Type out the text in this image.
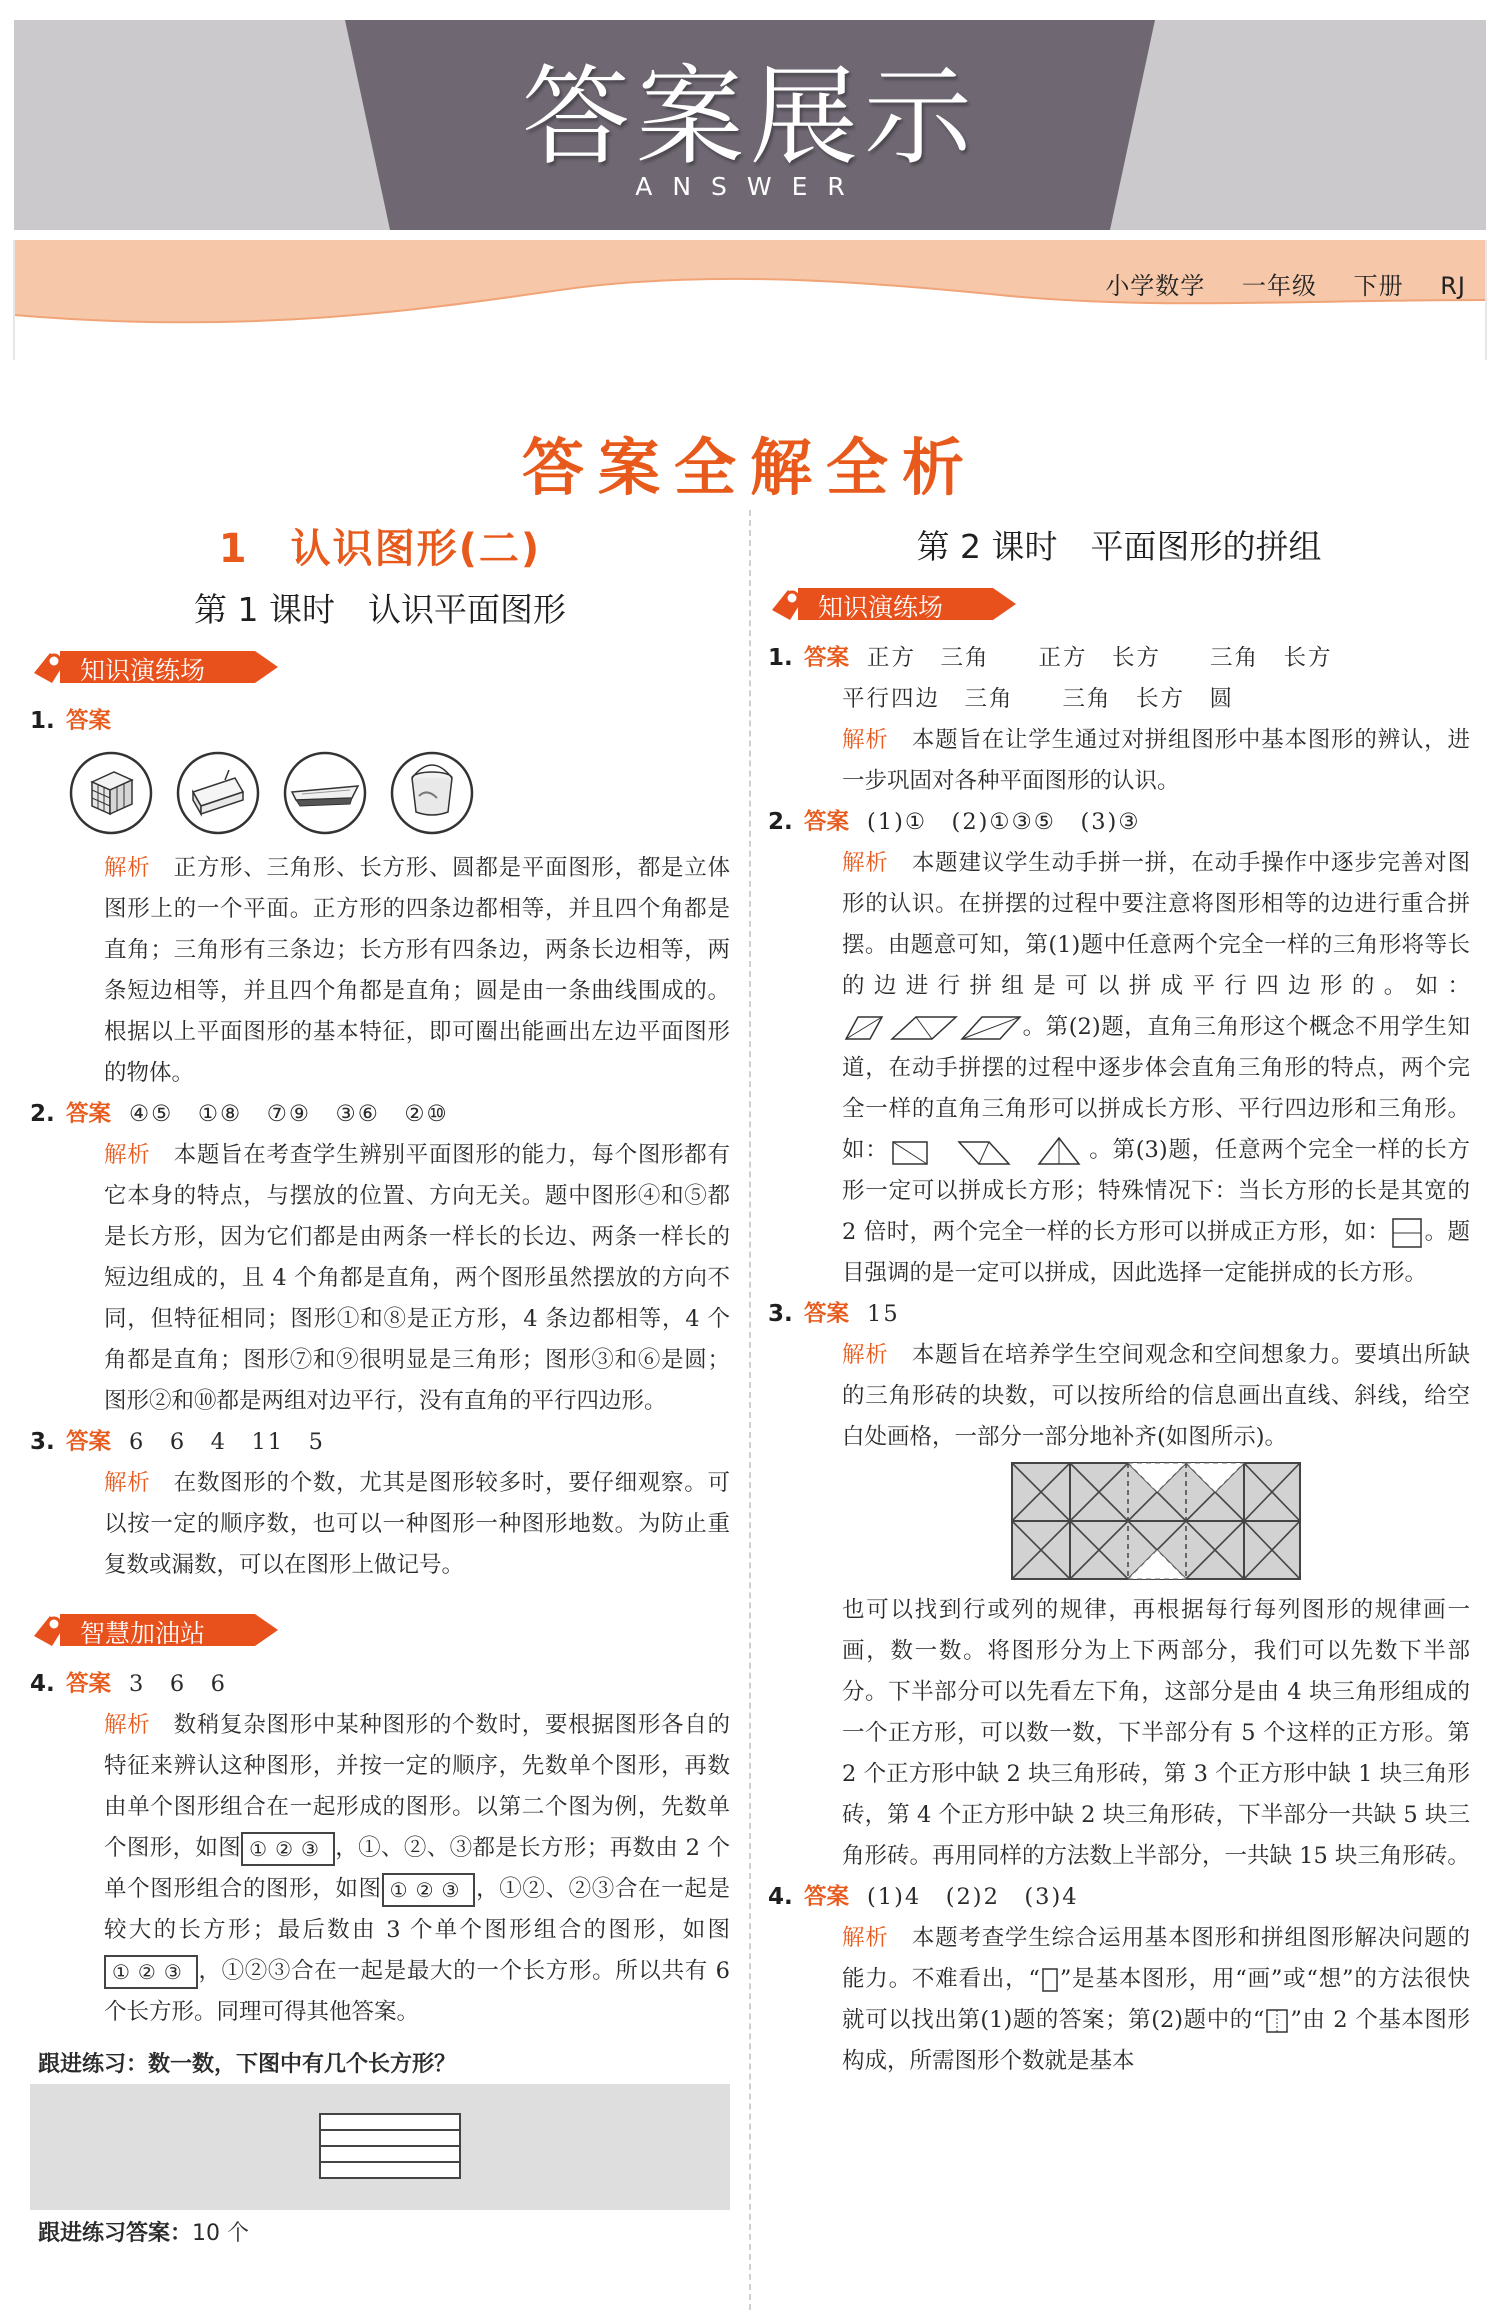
答案展示
ANSWER
小学数学 一年级 下册 RJ
答案全解全析
1　认识图形(二)
第 1 课时　认识平面图形
知识演练场
1. 答案

解析　 正方形、三角形、长方形、圆都是平面图形，都是立体图形上的一个平面。正方形的四条边都相等，并且四个角都是直角；三角形有三条边；长方形有四条边，两条长边相等，两条短边相等，并且四个角都是直角；圆是由一条曲线围成的。根据以上平面图形的基本特征，即可圈出能画出左边平面图形的物体。
2. 答案 ④⑤　①⑧　⑦⑨　③⑥　②⑩
解析　 本题旨在考查学生辨别平面图形的能力，每个图形都有它本身的特点，与摆放的位置、方向无关。题中图形④和⑤都是长方形，因为它们都是由两条一样长的长边、两条一样长的短边组成的，且 4 个角都是直角，两个图形虽然摆放的方向不同，但特征相同；图形①和⑧是正方形，4 条边都相等，4 个角都是直角；图形⑦和⑨很明显是三角形；图形③和⑥是圆；图形②和⑩都是两组对边平行，没有直角的平行四边形。
3. 答案 6　6　4　11　5
解析　 在数图形的个数，尤其是图形较多时，要仔细观察。可以按一定的顺序数，也可以一种图形一种图形地数。为防止重复数或漏数，可以在图形上做记号。
智慧加油站
4. 答案 3　6　6
解析　 数稍复杂图形中某种图形的个数时，要根据图形各自的特征来辨认这种图形，并按一定的顺序，先数单个图形，再数由单个图形组合在一起形成的图形。以第二个图为例，先数单个图形，如图 ①②③ ，①、②、③都是长方形；再数由 2 个单个图形组合的图形，如图 ①②③ ，①②、②③合在一起是较大的长方形；最后数由 3 个单个图形组合的图形，如图①②③ ，①②③合在一起是最大的一个长方形。所以共有 6 个长方形。同理可得其他答案。
跟进练习：数一数，下图中有几个长方形？
跟进练习答案：10 个
第 2 课时　平面图形的拼组
知识演练场
1. 答案 正方　三角　　正方　长方　　三角　长方
平行四边　三角　　三角　长方　圆
解析　 本题旨在让学生通过对拼组图形中基本图形的辨认，进一步巩固对各种平面图形的认识。
2. 答案 (1)①　(2)①③⑤　(3)③
解析　 本题建议学生动手拼一拼，在动手操作中逐步完善对图形的认识。在拼摆的过程中要注意将图形相等的边进行重合拼摆。由题意可知，第(1)题中任意两个完全一样的三角形将等长的边进行拼组是可以拼成平行四边形的。如：。第(2)题，直角三角形这个概念不用学生知道，在动手拼摆的过程中逐步体会直角三角形的特点，两个完全一样的直角三角形可以拼成长方形、平行四边形和三角形。如：	。第(3)题，任意两个完全一样的长方形一定可以拼成长方形；特殊情况下：当长方形的长是其宽的 2 倍时，两个完全一样的长方形可以拼成正方形，如： 。题目强调的是一定可以拼成，因此选择一定能拼成的长方形。
3. 答案 15
解析　 本题旨在培养学生空间观念和空间想象力。要填出所缺的三角形砖的块数，可以按所给的信息画出直线、斜线，给空白处画格，一部分一部分地补齐(如图所示)。
也可以找到行或列的规律，再根据每行每列图形的规律画一画，数一数。将图形分为上下两部分，我们可以先数下半部分。下半部分可以先看左下角，这部分是由 4 块三角形组成的一个正方形，可以数一数，下半部分有 5 个这样的正方形。第 2 个正方形中缺 2 块三角形砖，第 3 个正方形中缺 1 块三角形砖，第 4 个正方形中缺 2 块三角形砖，下半部分一共缺 5 块三角形砖。再用同样的方法数上半部分，一共缺 15 块三角形砖。
4. 答案 (1)4　(2)2　(3)4
解析　 本题考查学生综合运用基本图形和拼组图形解决问题的能力。不难看出，“ ”是基本图形，用“画”或“想”的方法很快就可以找出第(1)题的答案；第(2)题中的“ ”由 2 个基本图形构成，所需图形个数就是基本
